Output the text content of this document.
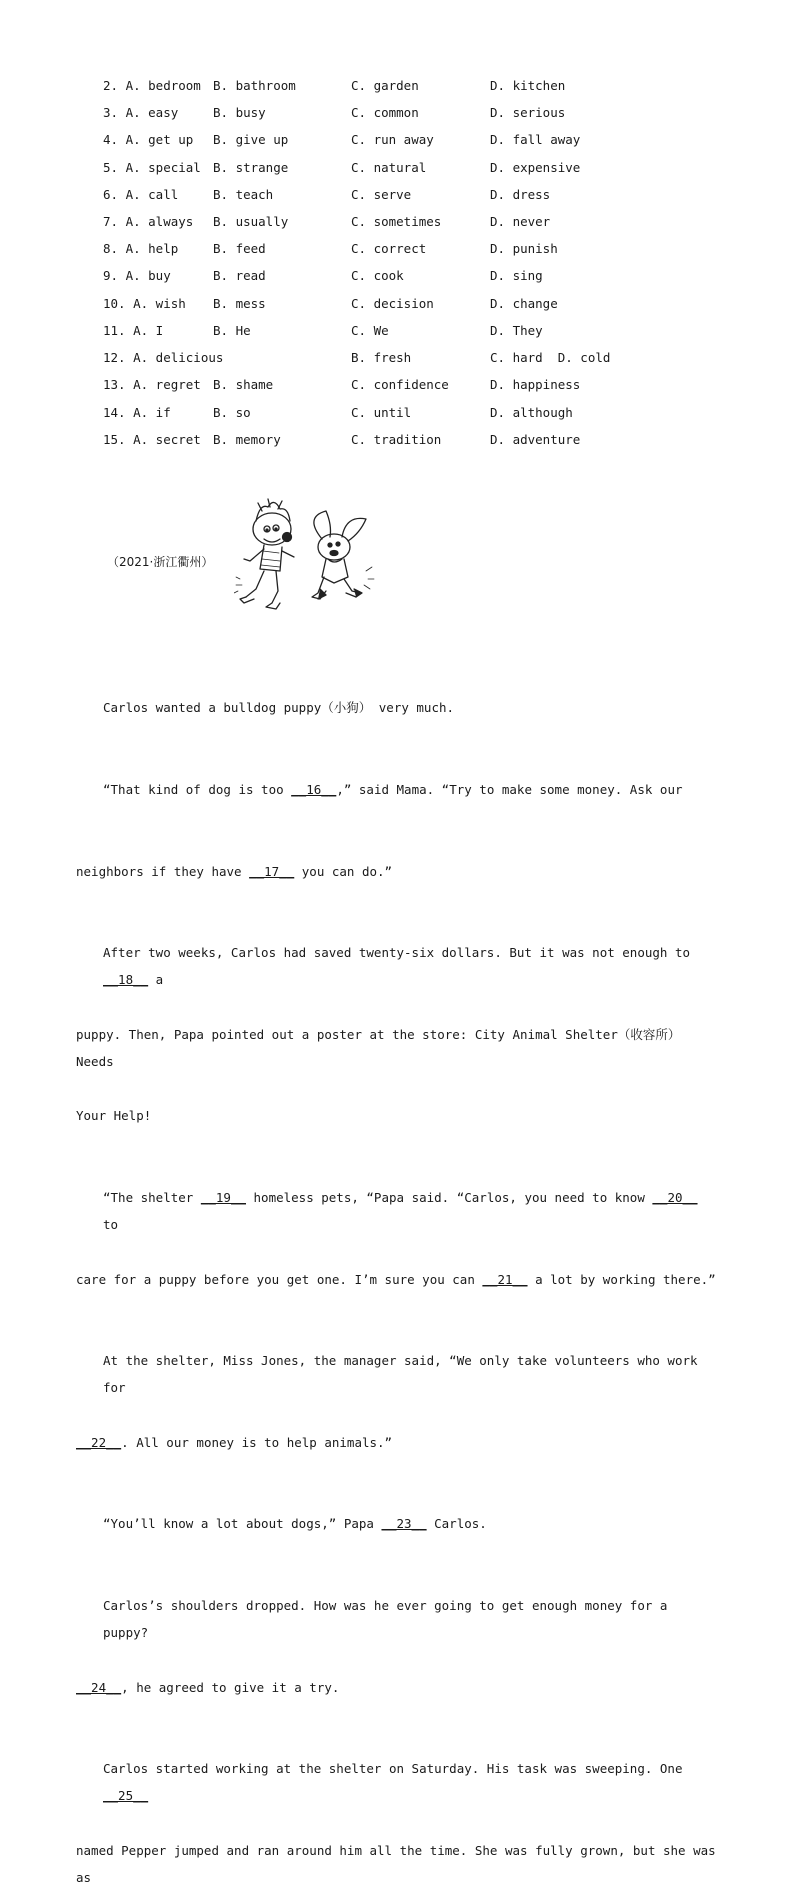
2. A. bedroom B. bathroom	C. garden	D. kitchen
3. A. easy	B. busy	C. common	D. serious
4. A. get up B. give up	C. run away	D. fall away
5. A. special B. strange	C. natural	D. expensive
6. A. call	B. teach	C. serve	D. dress
7. A. always B. usually	C. sometimes	D. never
8. A. help	B. feed	C. correct	D. punish
9. A. buy	B. read	C. cook	D. sing
10. A. wish B. mess	C. decision	D. change
11. A. I	B. He	C. We	D. They
12. A. delicious	B. fresh	C. hard  D. cold
13. A. regret B. shame	C. confidence	D. happiness
14. A. if	B. so	C. until	D. although
15. A. secret B. memory	C. tradition	D. adventure
（2021·浙江衢州）

Carlos wanted a bulldog puppy（小狗） very much.

“That kind of dog is too __16__,” said Mama. “Try to make some money. Ask our

neighbors if they have __17__ you can do.”

After two weeks, Carlos had saved twenty-six dollars. But it was not enough to __18__ a

puppy. Then, Papa pointed out a poster at the store: City Animal Shelter（收容所）Needs

Your Help!

“The shelter __19__ homeless pets, “Papa said. “Carlos, you need to know __20__ to

care for a puppy before you get one. I’m sure you can __21__ a lot by working there.”

At the shelter, Miss Jones, the manager said, “We only take volunteers who work for

__22__. All our money is to help animals.”

“You’ll know a lot about dogs,” Papa __23__ Carlos.

Carlos’s shoulders dropped. How was he ever going to get enough money for a puppy?

__24__, he agreed to give it a try.

Carlos started working at the shelter on Saturday. His task was sweeping. One __25__

named Pepper jumped and ran around him all the time. She was fully grown, but she was as
